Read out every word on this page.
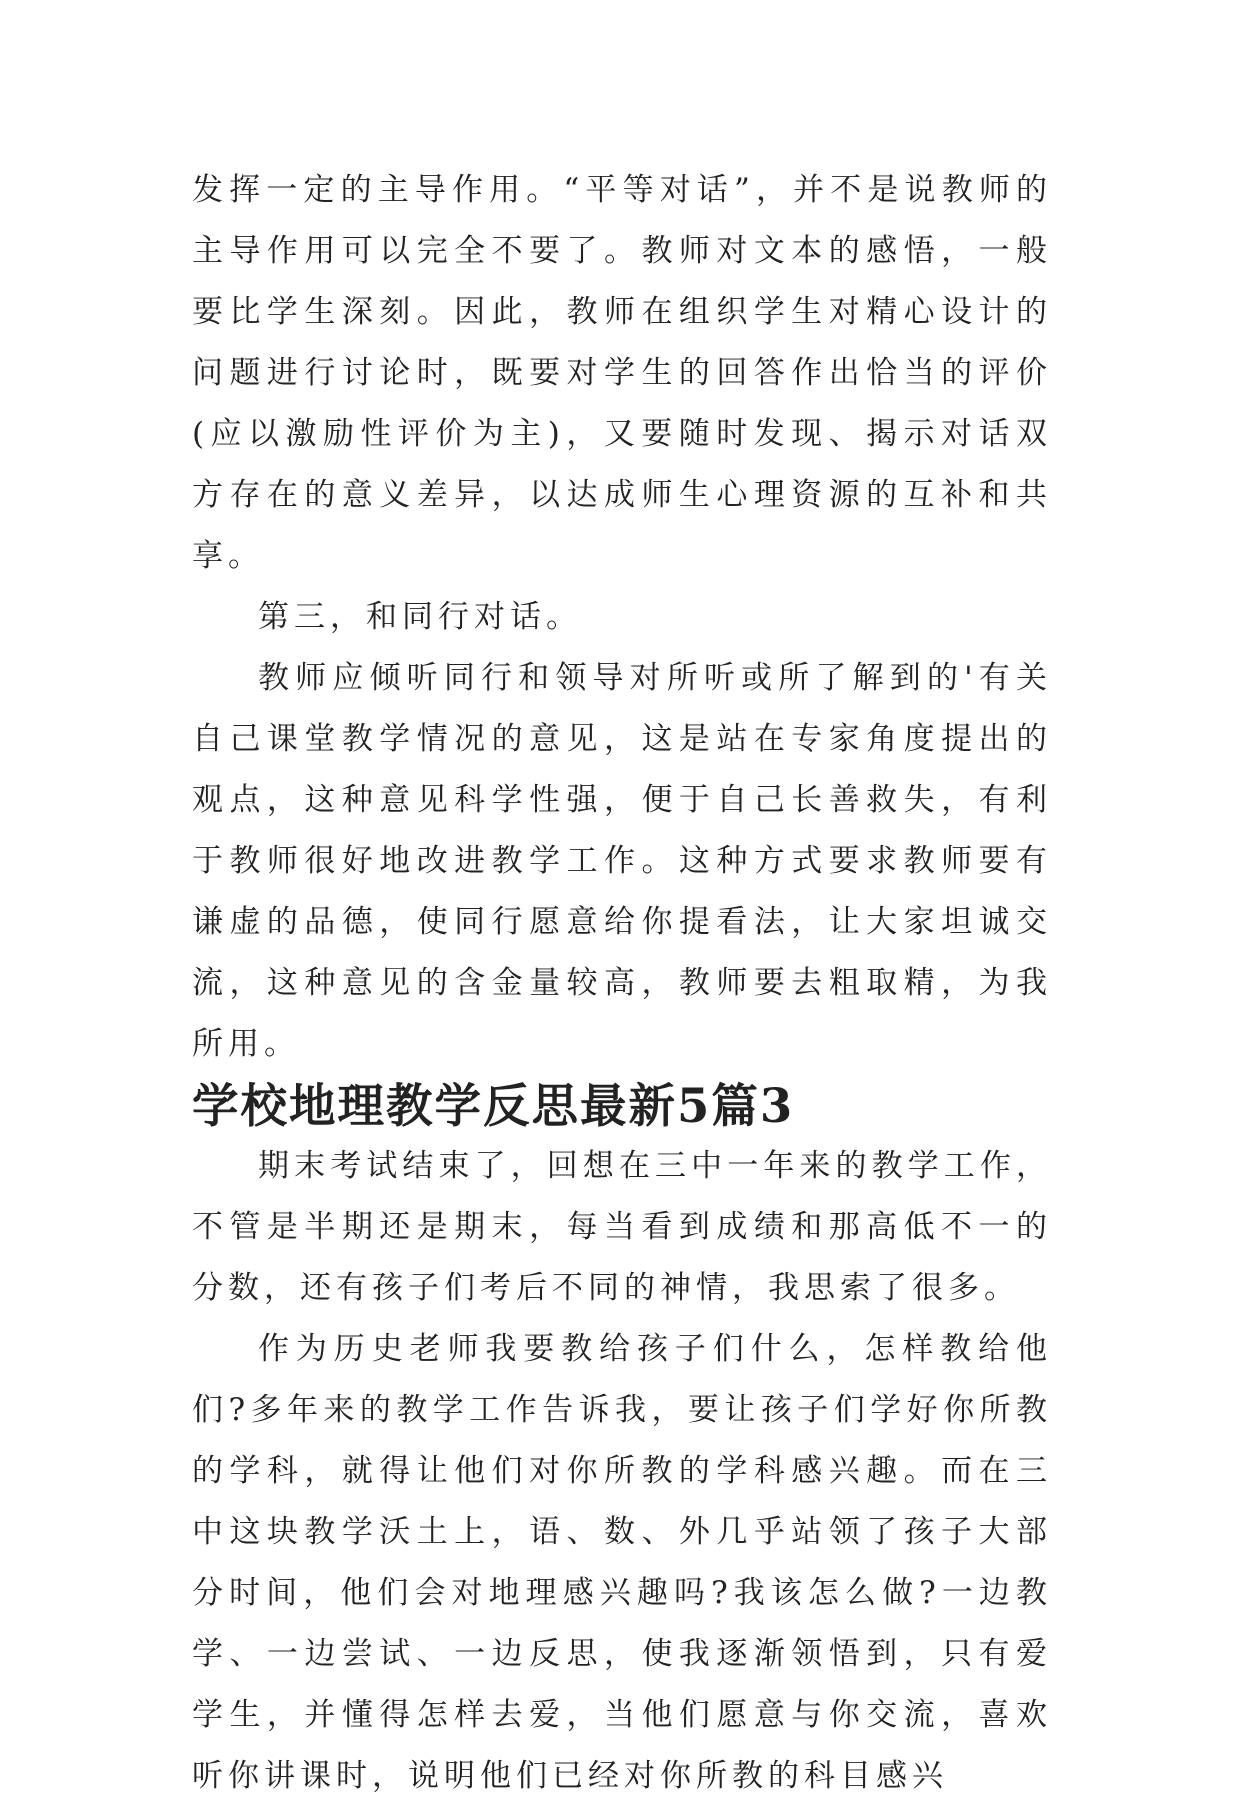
发挥一定的主导作用。“平等对话”，并不是说教师的主导作用可以完全不要了。教师对文本的感悟，一般要比学生深刻。因此，教师在组织学生对精心设计的问题进行讨论时，既要对学生的回答作出恰当的评价(应以激励性评价为主)，又要随时发现、揭示对话双方存在的意义差异，以达成师生心理资源的互补和共享。

第三，和同行对话。

教师应倾听同行和领导对所听或所了解到的'有关自己课堂教学情况的意见，这是站在专家角度提出的观点，这种意见科学性强，便于自己长善救失，有利于教师很好地改进教学工作。这种方式要求教师要有谦虚的品德，使同行愿意给你提看法，让大家坦诚交流，这种意见的含金量较高，教师要去粗取精，为我所用。

学校地理教学反思最新5篇3

期末考试结束了，回想在三中一年来的教学工作，不管是半期还是期末，每当看到成绩和那高低不一的分数，还有孩子们考后不同的神情，我思索了很多。

作为历史老师我要教给孩子们什么，怎样教给他们?多年来的教学工作告诉我，要让孩子们学好你所教的学科，就得让他们对你所教的学科感兴趣。而在三中这块教学沃土上，语、数、外几乎站领了孩子大部分时间，他们会对地理感兴趣吗?我该怎么做?一边教学、一边尝试、一边反思，使我逐渐领悟到，只有爱学生，并懂得怎样去爱，当他们愿意与你交流，喜欢听你讲课时，说明他们已经对你所教的科目感兴
